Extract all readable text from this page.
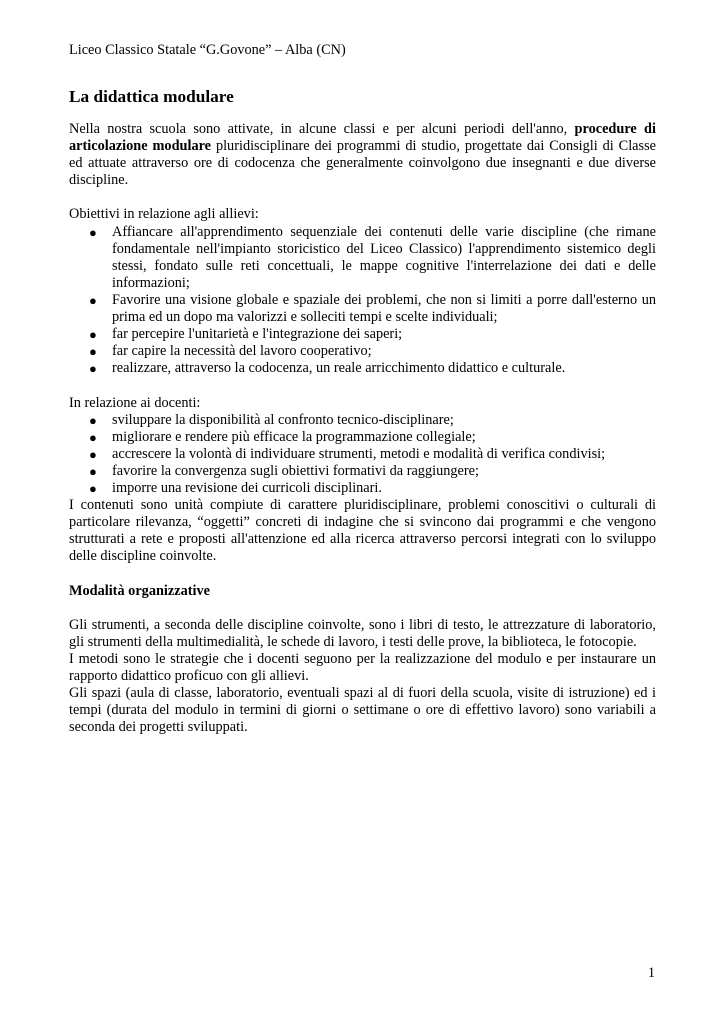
Liceo Classico Statale “G.Govone” – Alba (CN)
La didattica modulare

Nella nostra scuola sono attivate, in alcune classi e per alcuni periodi dell'anno, procedure di articolazione modulare pluridisciplinare dei programmi di studio, progettate dai Consigli di Classe ed attuate attraverso ore di codocenza che generalmente coinvolgono due insegnanti e due diverse discipline.

Obiettivi in relazione agli allievi:

● Affiancare all'apprendimento sequenziale dei contenuti delle varie discipline (che rimane fondamentale nell'impianto storicistico del Liceo Classico) l'apprendimento sistemico degli stessi, fondato sulle reti concettuali, le mappe cognitive l'interrelazione dei dati e delle informazioni;
● Favorire una visione globale e spaziale dei problemi, che non si limiti a porre dall'esterno un prima ed un dopo ma valorizzi e solleciti tempi e scelte individuali;
● far percepire l'unitarietà e l'integrazione dei saperi;
● far capire la necessità del lavoro cooperativo;
● realizzare, attraverso la codocenza, un reale arricchimento didattico e culturale.

In relazione ai docenti:

● sviluppare la disponibilità al confronto tecnico-disciplinare;
● migliorare e rendere più efficace la programmazione collegiale;
● accrescere la volontà di individuare strumenti, metodi e modalità di verifica condivisi;
● favorire la convergenza sugli obiettivi formativi da raggiungere;
● imporre una revisione dei curricoli disciplinari.

I contenuti sono unità compiute di carattere pluridisciplinare, problemi conoscitivi o culturali di particolare rilevanza, “oggetti” concreti di indagine che si svincono dai programmi e che vengono strutturati a rete e proposti all'attenzione ed alla ricerca attraverso percorsi integrati con lo sviluppo delle discipline coinvolte.

Modalità organizzative

Gli strumenti, a seconda delle discipline coinvolte, sono i libri di testo, le attrezzature di laboratorio, gli strumenti della multimedialità, le schede di lavoro, i testi delle prove, la biblioteca, le fotocopie.

I metodi sono le strategie che i docenti seguono per la realizzazione del modulo e per instaurare un rapporto didattico proficuo con gli allievi.

Gli spazi (aula di classe, laboratorio, eventuali spazi al di fuori della scuola, visite di istruzione) ed i tempi (durata del modulo in termini di giorni o settimane o ore di effettivo lavoro) sono variabili a seconda dei progetti sviluppati.

1
